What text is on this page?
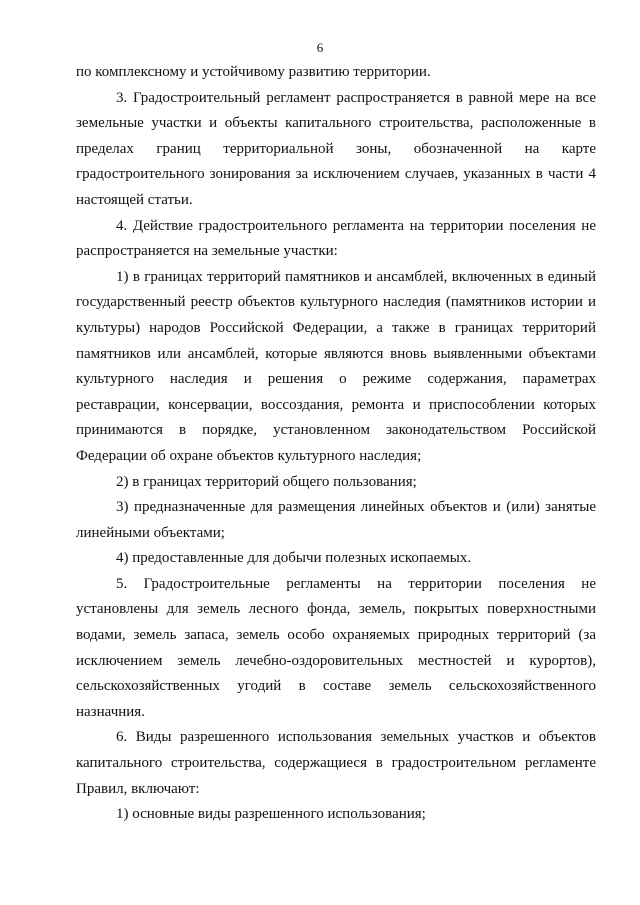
6

по комплексному и устойчивому развитию территории.

3. Градостроительный регламент распространяется в равной мере на все земельные участки и объекты капитального строительства, расположенные в пределах границ территориальной зоны, обозначенной на карте градостроительного зонирования за исключением случаев, указанных в части 4 настоящей статьи.

4. Действие градостроительного регламента на территории поселения не распространяется на земельные участки:

1) в границах территорий памятников и ансамблей, включенных в единый государственный реестр объектов культурного наследия (памятников истории и культуры) народов Российской Федерации, а также в границах территорий памятников или ансамблей, которые являются вновь выявленными объектами культурного наследия и решения о режиме содержания, параметрах реставрации, консервации, воссоздания, ремонта и приспособлении которых принимаются в порядке, установленном законодательством Российской Федерации об охране объектов культурного наследия;

2) в границах территорий общего пользования;

3) предназначенные для размещения линейных объектов и (или) занятые линейными объектами;

4) предоставленные для добычи полезных ископаемых.

5. Градостроительные регламенты на территории поселения не установлены для земель лесного фонда, земель, покрытых поверхностными водами, земель запаса, земель особо охраняемых природных территорий (за исключением земель лечебно-оздоровительных местностей и курортов), сельскохозяйственных угодий в составе земель сельскохозяйственного назначния.

6. Виды разрешенного использования земельных участков и объектов капитального строительства, содержащиеся в градостроительном регламенте Правил, включают:

1) основные виды разрешенного использования;
